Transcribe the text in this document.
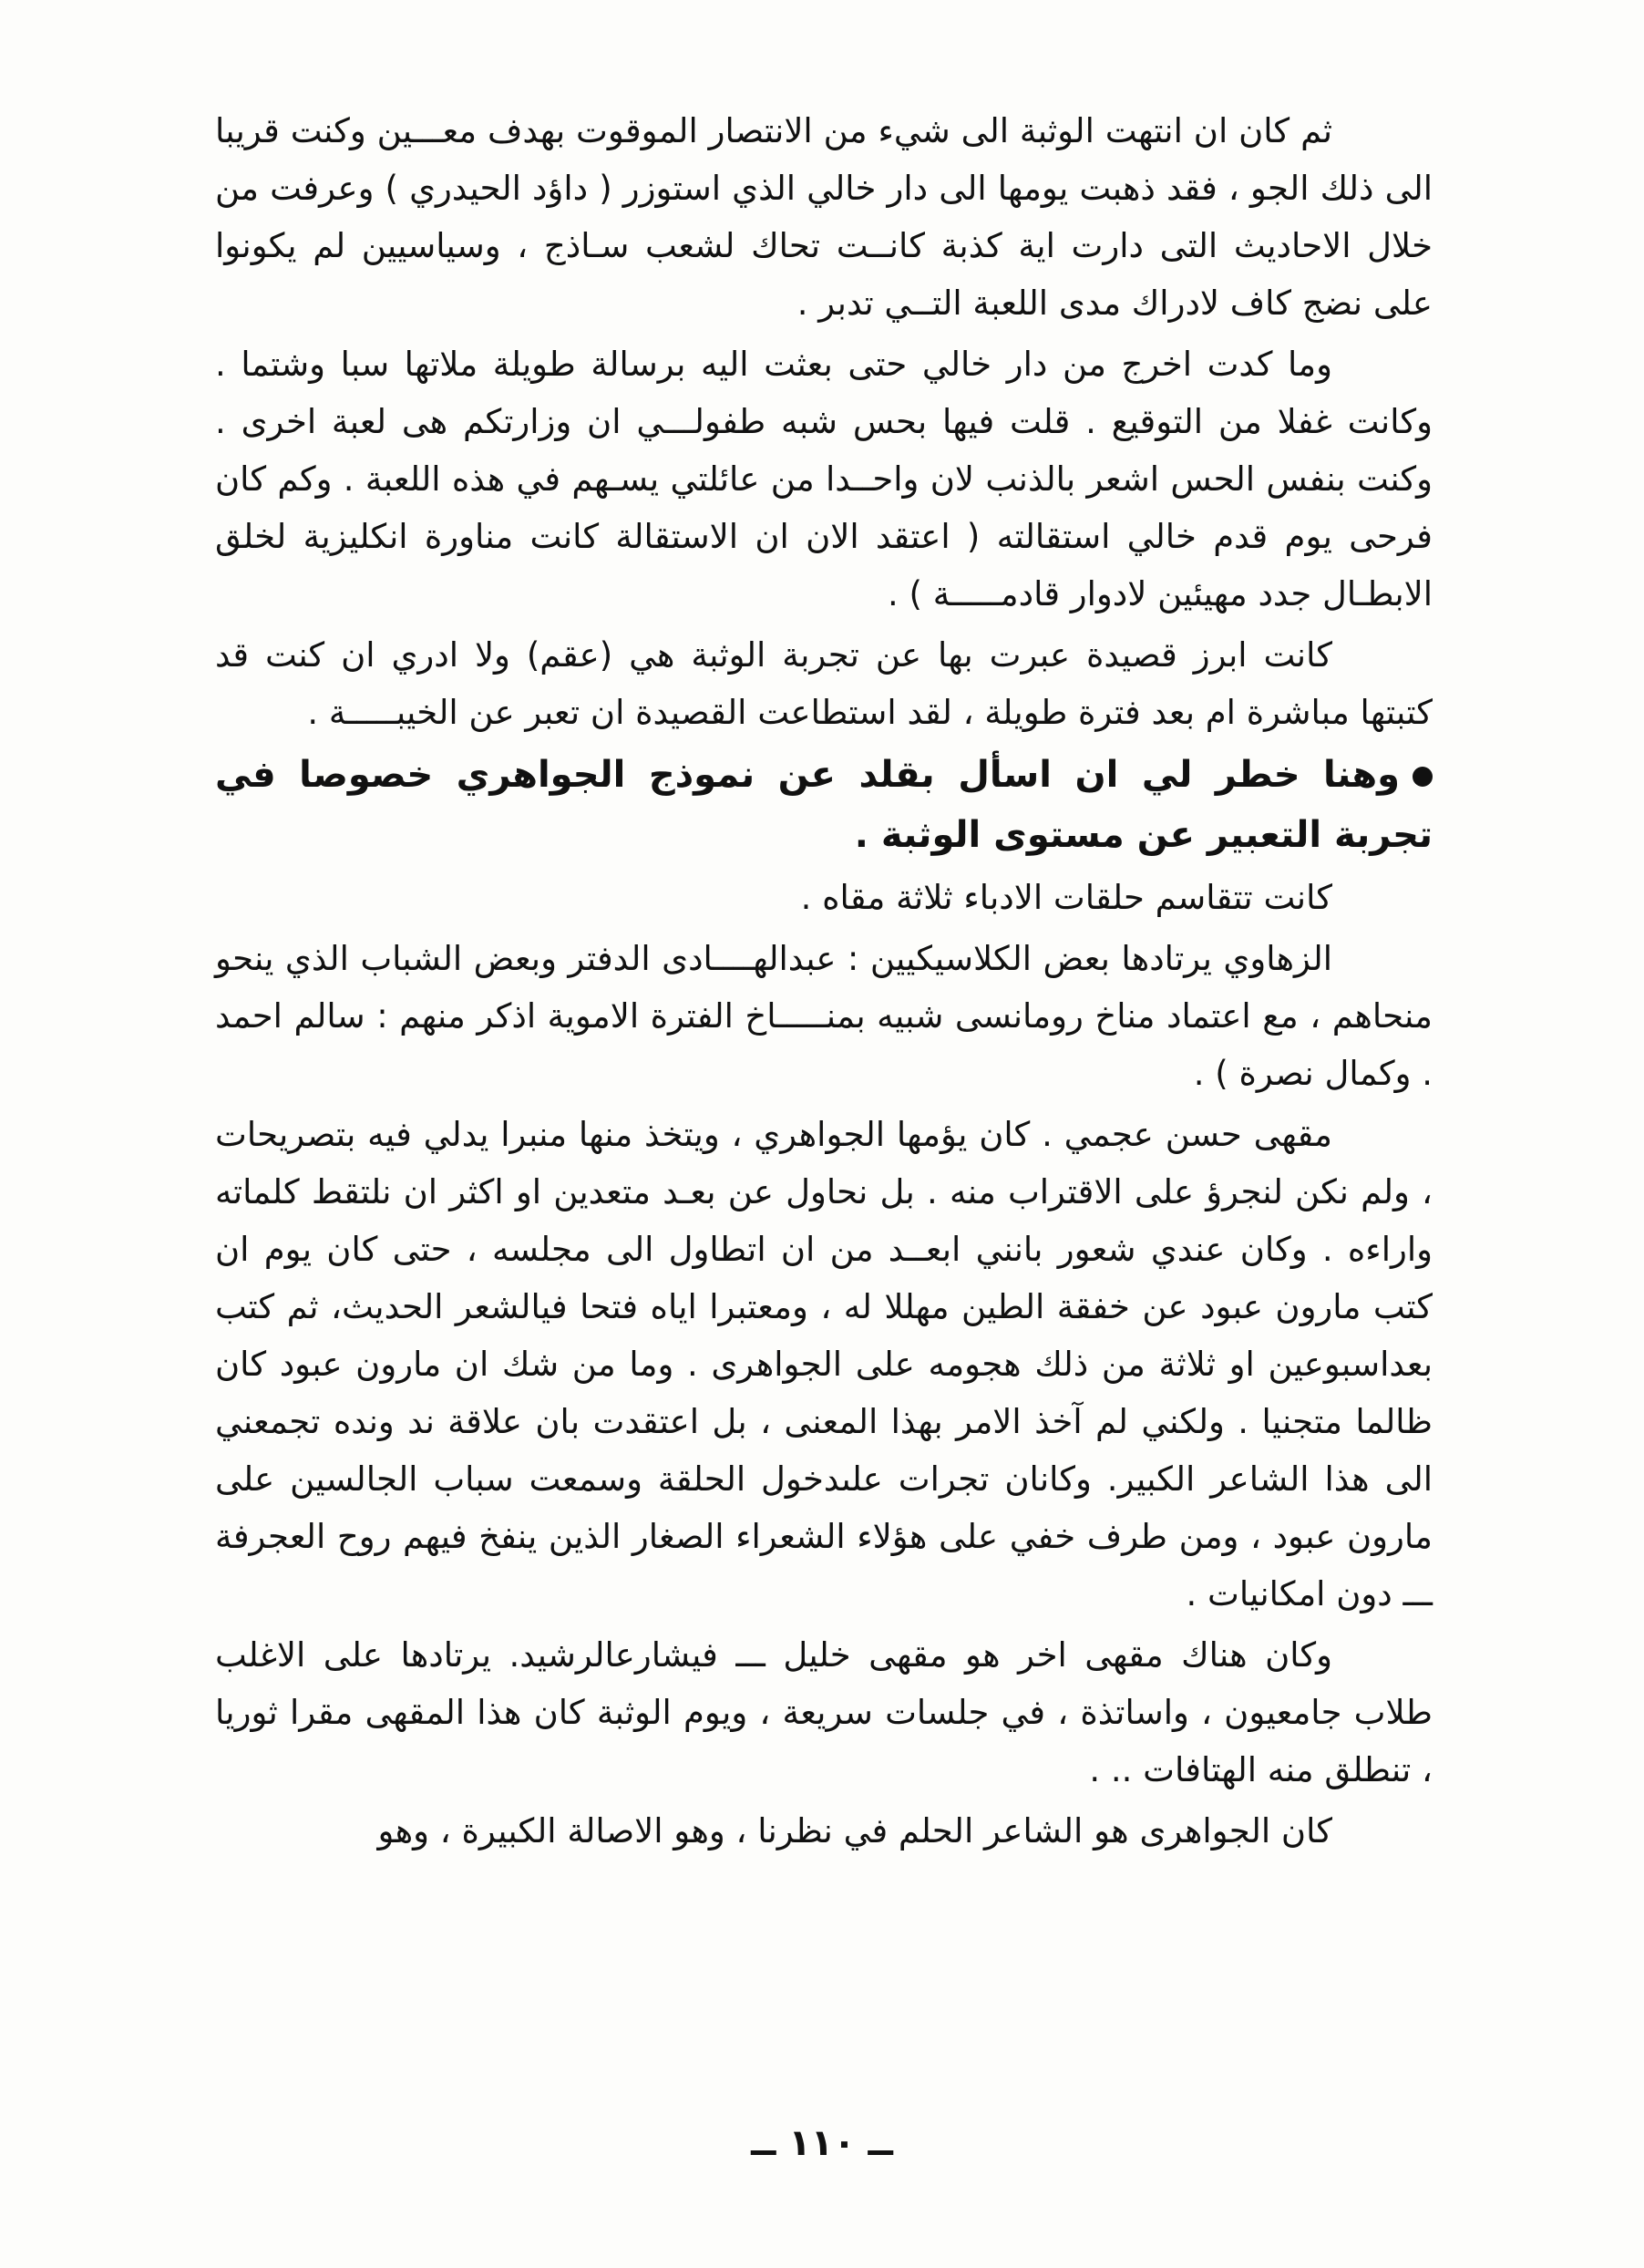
ثم كان ان انتهت الوثبة الى شيء من الانتصار الموقوت بهدف معـــين وكنت قريبا الى ذلك الجو ، فقد ذهبت يومها الى دار خالي الذي استوزر ( داؤد الحيدري ) وعرفت من خلال الاحاديث التى دارت اية كذبة كانــت تحاك لشعب سـاذج ، وسياسيين لم يكونوا على نضج كاف لادراك مدى اللعبة التــي تدبر .

وما كدت اخرج من دار خالي حتى بعثت اليه برسالة طويلة ملاتها سبا وشتما . وكانت غفلا من التوقيع . قلت فيها بحس شبه طفولـــي ان وزارتكم هى لعبة اخرى . وكنت بنفس الحس اشعر بالذنب لان واحــدا من عائلتي يسـهم في هذه اللعبة . وكم كان فرحى يوم قدم خالي استقالته ( اعتقد الان ان الاستقالة كانت مناورة انكليزية لخلق الابطـال جدد مهيئين لادوار قادمـــــة ) .

كانت ابرز قصيدة عبرت بها عن تجربة الوثبة هي (عقم) ولا ادري ان كنت قد كتبتها مباشرة ام بعد فترة طويلة ، لقد استطاعت القصيدة ان تعبر عن الخيبـــــة .

وهنا خطر لي ان اسأل بقلد عن نموذج الجواهري خصوصا في تجربة التعبير عن مستوى الوثبة .

كانت تتقاسم حلقات الادباء ثلاثة مقاه .

الزهاوي يرتادها بعض الكلاسيكيين : عبدالهــــادى الدفتر وبعض الشباب الذي ينحو منحاهم ، مع اعتماد مناخ رومانسى شبيه بمنـــــاخ الفترة الاموية اذكر منهم : سالم احمد . وكمال نصرة ) .

مقهى حسن عجمي . كان يؤمها الجواهري ، ويتخذ منها منبرا يدلي فيه بتصريحات ، ولم نكن لنجرؤ على الاقتراب منه . بل نحاول عن بعـد متعدين او اكثر ان نلتقط كلماته واراءه . وكان عندي شعور بانني ابعــد من ان اتطاول الى مجلسه ، حتى كان يوم ان كتب مارون عبود عن خفقة الطين مهللا له ، ومعتبرا اياه فتحا فيالشعر الحديث، ثم كتب بعداسبوعين او ثلاثة من ذلك هجومه على الجواهرى . وما من شك ان مارون عبود كان ظالما متجنيا . ولكني لم آخذ الامر بهذا المعنى ، بل اعتقدت بان علاقة ند ونده تجمعني الى هذا الشاعر الكبير. وكانان تجرات علىدخول الحلقة وسمعت سباب الجالسين على مارون عبود ، ومن طرف خفي على هؤلاء الشعراء الصغار الذين ينفخ فيهم روح العجرفة ـــ دون امكانيات .

وكان هناك مقهى اخر هو مقهى خليل ـــ فيشارعالرشيد. يرتادها على الاغلب طلاب جامعيون ، واساتذة ، في جلسات سريعة ، ويوم الوثبة كان هذا المقهى مقرا ثوريا ، تنطلق منه الهتافات .. .

كان الجواهرى هو الشاعر الحلم في نظرنا ، وهو الاصالة الكبيرة ، وهو

ــ ١١٠ ــ
